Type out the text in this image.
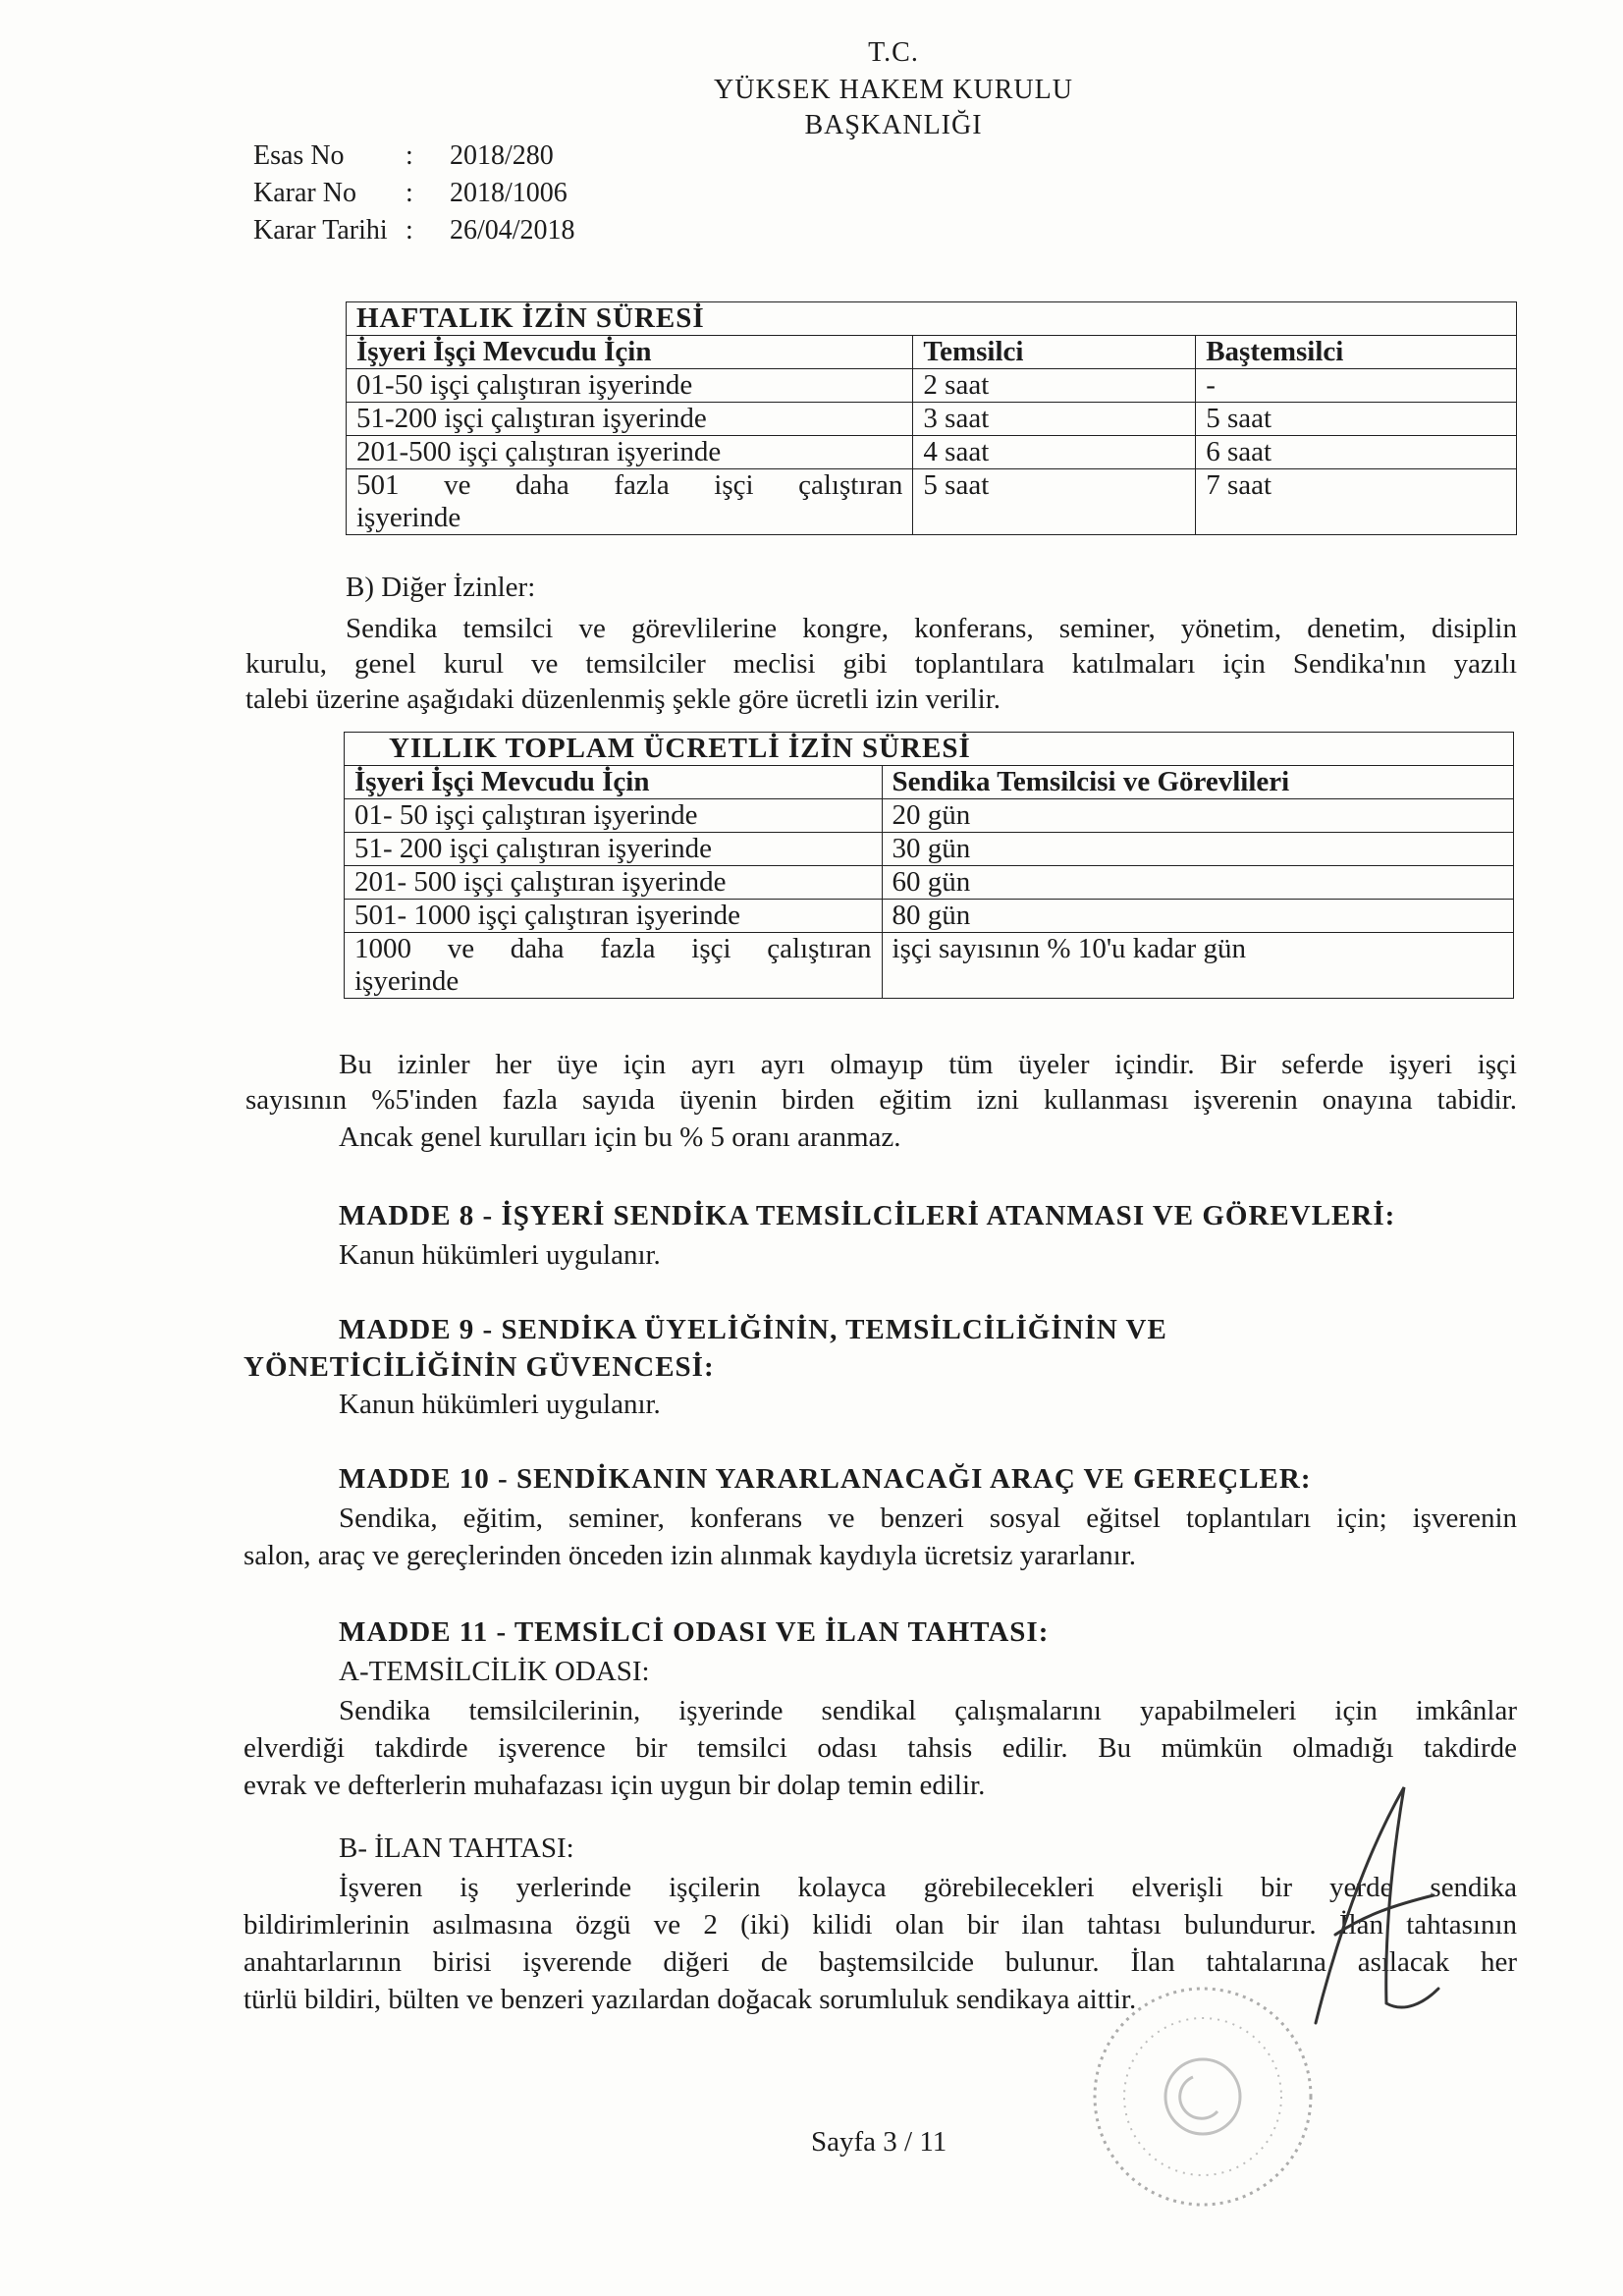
T.C.
YÜKSEK HAKEM KURULU
BAŞKANLIĞI
Esas No	:	2018/280
Karar No	:	2018/1006
Karar Tarihi :	26/04/2018
HAFTALIK İZİN SÜRESİ		
İşyeri İşçi Mevcudu İçin	Temsilci	Baştemsilci
01-50 işçi çalıştıran işyerinde	2 saat	-
51-200 işçi çalıştıran işyerinde	3 saat	5 saat
201-500 işçi çalıştıran işyerinde	4 saat	6 saat

501 ve daha fazla işçi çalıştıran
işyerinde	5 saat	7 saat
B) Diğer İzinler:
Sendika temsilci ve görevlilerine kongre, konferans, seminer, yönetim, denetim, disiplin
kurulu, genel kurul ve temsilciler meclisi gibi toplantılara katılmaları için Sendika'nın yazılı
talebi üzerine aşağıdaki düzenlenmiş şekle göre ücretli izin verilir.
YILLIK TOPLAM ÜCRETLİ İZİN SÜRESİ	
İşyeri İşçi Mevcudu İçin	Sendika Temsilcisi ve Görevlileri
01- 50 işçi çalıştıran işyerinde	20 gün
51- 200 işçi çalıştıran işyerinde	30 gün
201- 500 işçi çalıştıran işyerinde	60 gün
501- 1000 işçi çalıştıran işyerinde	80 gün

1000 ve daha fazla işçi çalıştıran
işyerinde	işçi sayısının % 10'u kadar gün
Bu izinler her üye için ayrı ayrı olmayıp tüm üyeler içindir. Bir seferde işyeri işçi
sayısının %5'inden fazla sayıda üyenin birden eğitim izni kullanması işverenin onayına tabidir.
Ancak genel kurulları için bu % 5 oranı aranmaz.
MADDE 8 - İŞYERİ SENDİKA TEMSİLCİLERİ ATANMASI VE GÖREVLERİ:
Kanun hükümleri uygulanır.
MADDE 9 - SENDİKA ÜYELİĞİNİN, TEMSİLCİLİĞİNİN VE
YÖNETİCİLİĞİNİN GÜVENCESİ:
Kanun hükümleri uygulanır.
MADDE 10 - SENDİKANIN YARARLANACAĞI ARAÇ VE GEREÇLER:
Sendika, eğitim, seminer, konferans ve benzeri sosyal eğitsel toplantıları için; işverenin
salon, araç ve gereçlerinden önceden izin alınmak kaydıyla ücretsiz yararlanır.
MADDE 11 - TEMSİLCİ ODASI VE İLAN TAHTASI:
A-TEMSİLCİLİK ODASI:
Sendika temsilcilerinin, işyerinde sendikal çalışmalarını yapabilmeleri için imkânlar
elverdiği takdirde işverence bir temsilci odası tahsis edilir. Bu mümkün olmadığı takdirde
evrak ve defterlerin muhafazası için uygun bir dolap temin edilir.
B- İLAN TAHTASI:
İşveren iş yerlerinde işçilerin kolayca görebilecekleri elverişli bir yerde sendika
bildirimlerinin asılmasına özgü ve 2 (iki) kilidi olan bir ilan tahtası bulundurur. İlan tahtasının
anahtarlarının birisi işverende diğeri de baştemsilcide bulunur. İlan tahtalarına asılacak her
türlü bildiri, bülten ve benzeri yazılardan doğacak sorumluluk sendikaya aittir.
Sayfa 3 / 11
